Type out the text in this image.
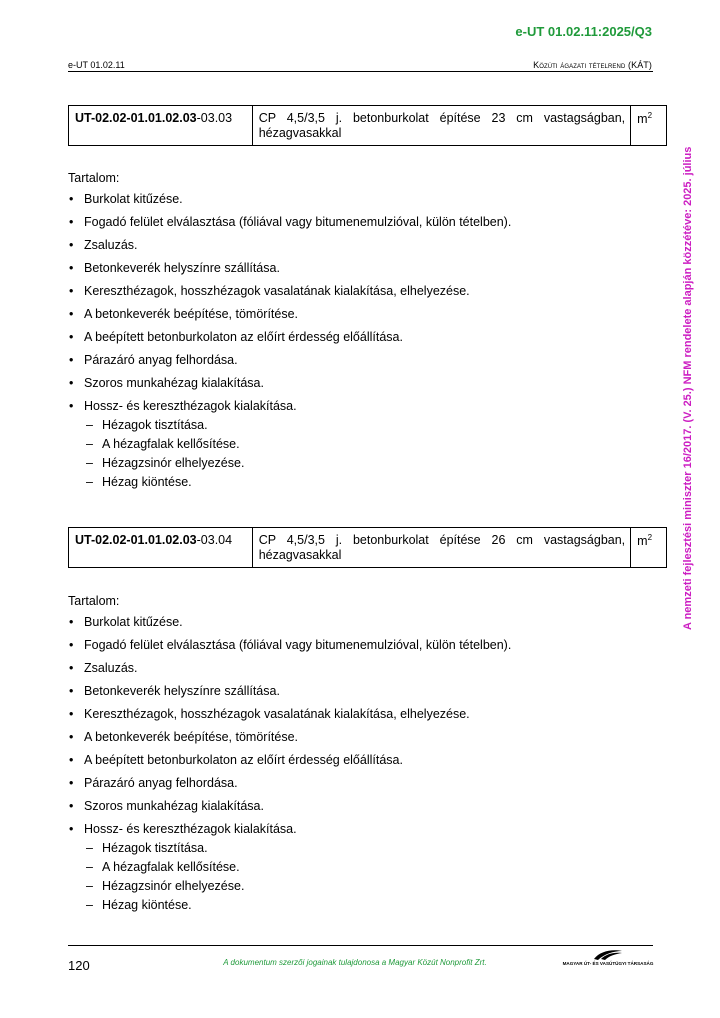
e-UT 01.02.11:2025/Q3
e-UT 01.02.11	Közúti ágazati tételrend (KÁT)
A nemzeti fejlesztési miniszter 16/2017. (V. 25.) NFM rendelete alapján közzétéve: 2025. július
UT-02.02-01.01.02.03-03.03	CP 4,5/3,5 j. betonburkolat építése 23 cm vastagságban, hézagvasakkal	$m^2$

Tartalom:

• Burkolat kitűzése.
• Fogadó felület elválasztása (fóliával vagy bitumenemulzióval, külön tételben).
• Zsaluzás.
• Betonkeverék helyszínre szállítása.
• Kereszthézagok, hosszhézagok vasalatának kialakítása, elhelyezése.
• A betonkeverék beépítése, tömörítése.
• A beépített betonburkolaton az előírt érdesség előállítása.
• Párazáró anyag felhordása.
• Szoros munkahézag kialakítása.
• Hossz- és kereszthézagok kialakítása.
– Hézagok tisztítása.
– A hézagfalak kellősítése.
– Hézagzsinór elhelyezése.
– Hézag kiöntése.
UT-02.02-01.01.02.03-03.04	CP 4,5/3,5 j. betonburkolat építése 26 cm vastagságban, hézagvasakkal	$m^2$

Tartalom:

• Burkolat kitűzése.
• Fogadó felület elválasztása (fóliával vagy bitumenemulzióval, külön tételben).
• Zsaluzás.
• Betonkeverék helyszínre szállítása.
• Kereszthézagok, hosszhézagok vasalatának kialakítása, elhelyezése.
• A betonkeverék beépítése, tömörítése.
• A beépített betonburkolaton az előírt érdesség előállítása.
• Párazáró anyag felhordása.
• Szoros munkahézag kialakítása.
• Hossz- és kereszthézagok kialakítása.
– Hézagok tisztítása.
– A hézagfalak kellősítése.
– Hézagzsinór elhelyezése.
– Hézag kiöntése.
120	A dokumentum szerzői jogainak tulajdonosa a Magyar Közút Nonprofit Zrt.	MAGYAR ÚT- ÉS VASÚTÜGYI TÁRSASÁG
